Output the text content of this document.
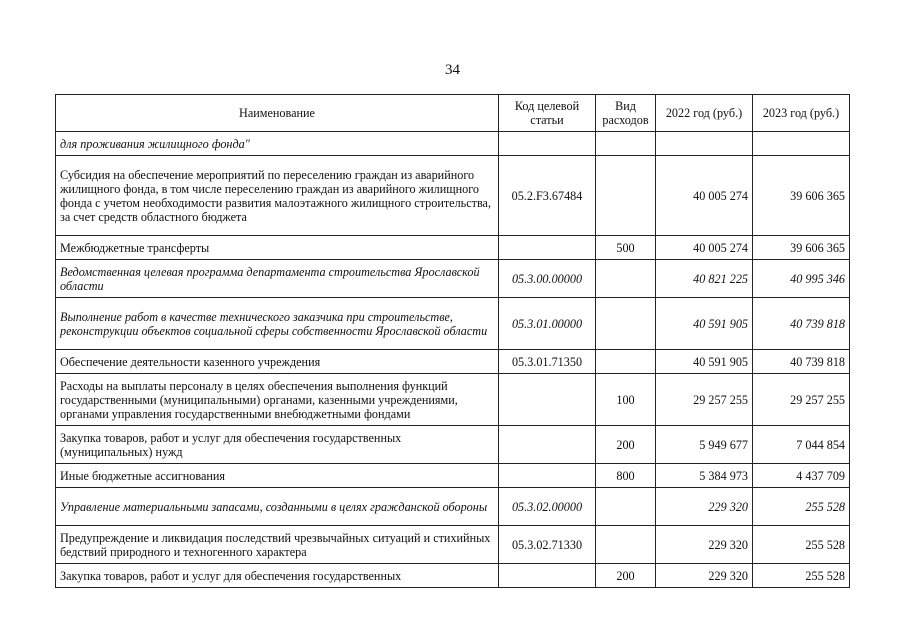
34
Наименование	Код целевой статьи	Вид расходов	2022 год (руб.)	2023 год (руб.)
для проживания жилищного фонда"				
Субсидия на обеспечение мероприятий по переселению граждан из аварийного жилищного фонда, в том числе переселению граждан из аварийного жилищного фонда с учетом необходимости развития малоэтажного жилищного строительства, за счет средств областного бюджета	05.2.F3.67484		40 005 274	39 606 365
Межбюджетные трансферты		500	40 005 274	39 606 365
Ведомственная целевая программа департамента строительства Ярославской области	05.3.00.00000		40 821 225	40 995 346
Выполнение работ в качестве технического заказчика при строительстве, реконструкции объектов социальной сферы собственности Ярославской области	05.3.01.00000		40 591 905	40 739 818
Обеспечение деятельности казенного учреждения	05.3.01.71350		40 591 905	40 739 818
Расходы на выплаты персоналу в целях обеспечения выполнения функций государственными (муниципальными) органами, казенными учреждениями, органами управления государственными внебюджетными фондами		100	29 257 255	29 257 255
Закупка товаров, работ и услуг для обеспечения государственных (муниципальных) нужд		200	5 949 677	7 044 854
Иные бюджетные ассигнования		800	5 384 973	4 437 709
Управление материальными запасами, созданными в целях гражданской обороны	05.3.02.00000		229 320	255 528
Предупреждение и ликвидация последствий чрезвычайных ситуаций и стихийных бедствий природного и техногенного характера	05.3.02.71330		229 320	255 528
Закупка товаров, работ и услуг для обеспечения государственных		200	229 320	255 528
